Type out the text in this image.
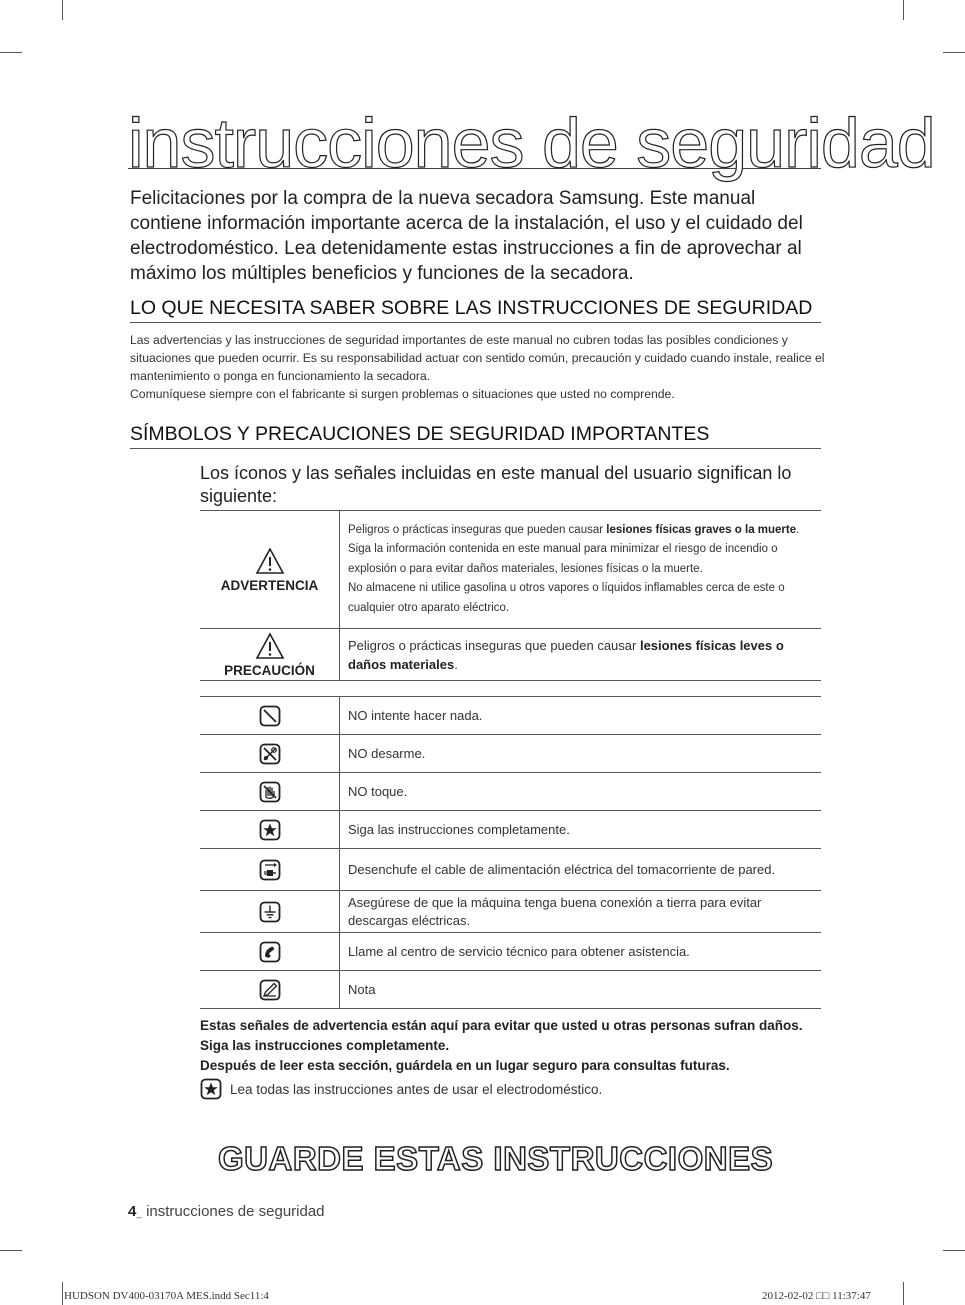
instrucciones de seguridad

Felicitaciones por la compra de la nueva secadora Samsung. Este manual contiene información importante acerca de la instalación, el uso y el cuidado del electrodoméstico. Lea detenidamente estas instrucciones a fin de aprovechar al máximo los múltiples beneficios y funciones de la secadora.

LO QUE NECESITA SABER SOBRE LAS INSTRUCCIONES DE SEGURIDAD

Las advertencias y las instrucciones de seguridad importantes de este manual no cubren todas las posibles condiciones y situaciones que pueden ocurrir. Es su responsabilidad actuar con sentido común, precaución y cuidado cuando instale, realice el mantenimiento o ponga en funcionamiento la secadora.

Comuníquese siempre con el fabricante si surgen problemas o situaciones que usted no comprende.

SÍMBOLOS Y PRECAUCIONES DE SEGURIDAD IMPORTANTES

Los íconos y las señales incluidas en este manual del usuario significan lo siguiente:

ADVERTENCIA	Peligros o prácticas inseguras que pueden causar lesiones físicas graves o la muerte.

Siga la información contenida en este manual para minimizar el riesgo de incendio o explosión o para evitar daños materiales, lesiones físicas o la muerte.

No almacene ni utilice gasolina u otros vapores o líquidos inflamables cerca de este o cualquier otro aparato eléctrico.

PRECAUCIÓN	Peligros o prácticas inseguras que pueden causar lesiones físicas leves o daños materiales.

	NO intente hacer nada.
	NO desarme.
	NO toque.
	Siga las instrucciones completamente.
	Desenchufe el cable de alimentación eléctrica del tomacorriente de pared.
	Asegúrese de que la máquina tenga buena conexión a tierra para evitar descargas eléctricas.
	Llame al centro de servicio técnico para obtener asistencia.
	Nota

Estas señales de advertencia están aquí para evitar que usted u otras personas sufran daños.

Siga las instrucciones completamente.

Después de leer esta sección, guárdela en un lugar seguro para consultas futuras.

Lea todas las instrucciones antes de usar el electrodoméstico.
GUARDE ESTAS INSTRUCCIONES
4_ instrucciones de seguridad
HUDSON DV400-03170A MES.indd Sec11:4	2012-02-02 □□ 11:37:47
